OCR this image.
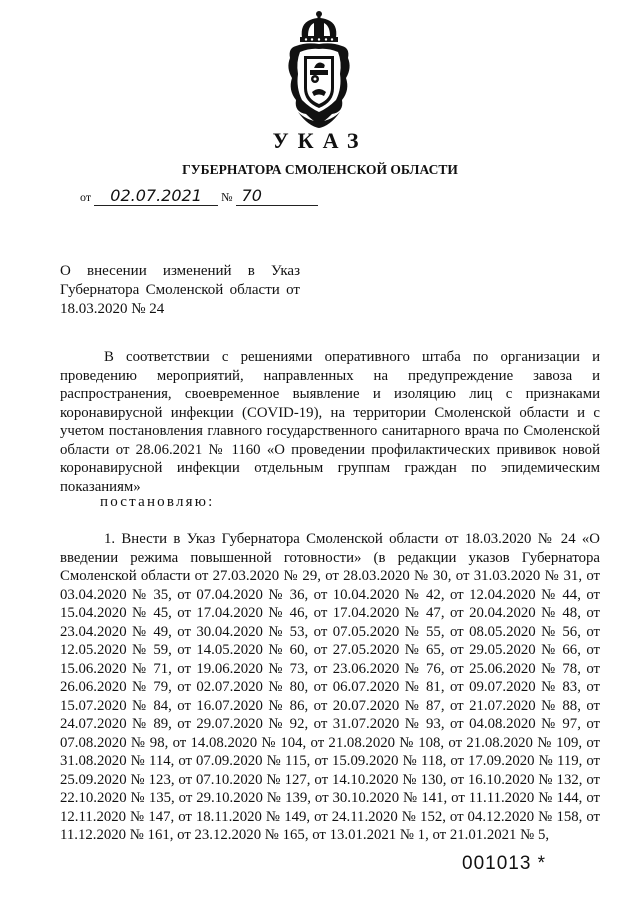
УКАЗ
ГУБЕРНАТОРА СМОЛЕНСКОЙ ОБЛАСТИ
от 02.07.2021 № 70
О внесении изменений в Указ Губернатора Смоленской области от 18.03.2020 № 24
В соответствии с решениями оперативного штаба по организации и проведению мероприятий, направленных на предупреждение завоза и распространения, своевременное выявление и изоляцию лиц с признаками коронавирусной инфекции (COVID-19), на территории Смоленской области и с учетом постановления главного государственного санитарного врача по Смоленской области от 28.06.2021 № 1160 «О проведении профилактических прививок новой коронавирусной инфекции отдельным группам граждан по эпидемическим показаниям»
постановляю:
1. Внести в Указ Губернатора Смоленской области от 18.03.2020 № 24 «О введении режима повышенной готовности» (в редакции указов Губернатора Смоленской области от 27.03.2020 № 29, от 28.03.2020 № 30, от 31.03.2020 № 31, от 03.04.2020 № 35, от 07.04.2020 № 36, от 10.04.2020 № 42, от 12.04.2020 № 44, от 15.04.2020 № 45, от 17.04.2020 № 46, от 17.04.2020 № 47, от 20.04.2020 № 48, от 23.04.2020 № 49, от 30.04.2020 № 53, от 07.05.2020 № 55, от 08.05.2020 № 56, от 12.05.2020 № 59, от 14.05.2020 № 60, от 27.05.2020 № 65, от 29.05.2020 № 66, от 15.06.2020 № 71, от 19.06.2020 № 73, от 23.06.2020 № 76, от 25.06.2020 № 78, от 26.06.2020 № 79, от 02.07.2020 № 80, от 06.07.2020 № 81, от 09.07.2020 № 83, от 15.07.2020 № 84, от 16.07.2020 № 86, от 20.07.2020 № 87, от 21.07.2020 № 88, от 24.07.2020 № 89, от 29.07.2020 № 92, от 31.07.2020 № 93, от 04.08.2020 № 97, от 07.08.2020 № 98, от 14.08.2020 № 104, от 21.08.2020 № 108, от 21.08.2020 № 109, от 31.08.2020 № 114, от 07.09.2020 № 115, от 15.09.2020 № 118, от 17.09.2020 № 119, от 25.09.2020 № 123, от 07.10.2020 № 127, от 14.10.2020 № 130, от 16.10.2020 № 132, от 22.10.2020 № 135, от 29.10.2020 № 139, от 30.10.2020 № 141, от 11.11.2020 № 144, от 12.11.2020 № 147, от 18.11.2020 № 149, от 24.11.2020 № 152, от 04.12.2020 № 158, от 11.12.2020 № 161, от 23.12.2020 № 165, от 13.01.2021 № 1, от 21.01.2021 № 5,
001013 *
